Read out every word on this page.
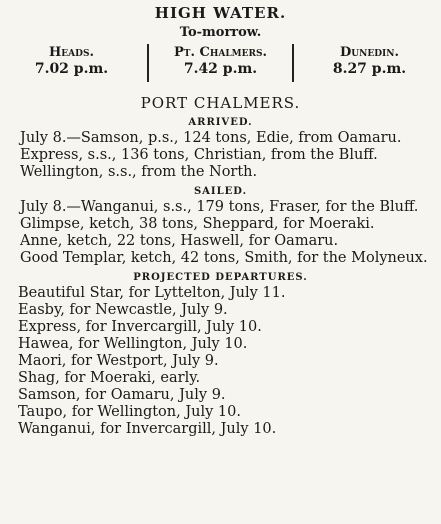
HIGH WATER.
To-morrow.
Heads.
7.02 p.m.
Pt. Chalmers.
7.42 p.m.
Dunedin.
8.27 p.m.
PORT CHALMERS.
ARRIVED.
July 8.—Samson, p.s., 124 tons, Edie, from Oamaru.
Express, s.s., 136 tons, Christian, from the Bluff.
Wellington, s.s., from the North.
SAILED.
July 8.—Wanganui, s.s., 179 tons, Fraser, for the Bluff.
Glimpse, ketch, 38 tons, Sheppard, for Moeraki.
Anne, ketch, 22 tons, Haswell, for Oamaru.
Good Templar, ketch, 42 tons, Smith, for the Molyneux.
PROJECTED DEPARTURES.
Beautiful Star, for Lyttelton, July 11.
Easby, for Newcastle, July 9.
Express, for Invercargill, July 10.
Hawea, for Wellington, July 10.
Maori, for Westport, July 9.
Shag, for Moeraki, early.
Samson, for Oamaru, July 9.
Taupo, for Wellington, July 10.
Wanganui, for Invercargill, July 10.
